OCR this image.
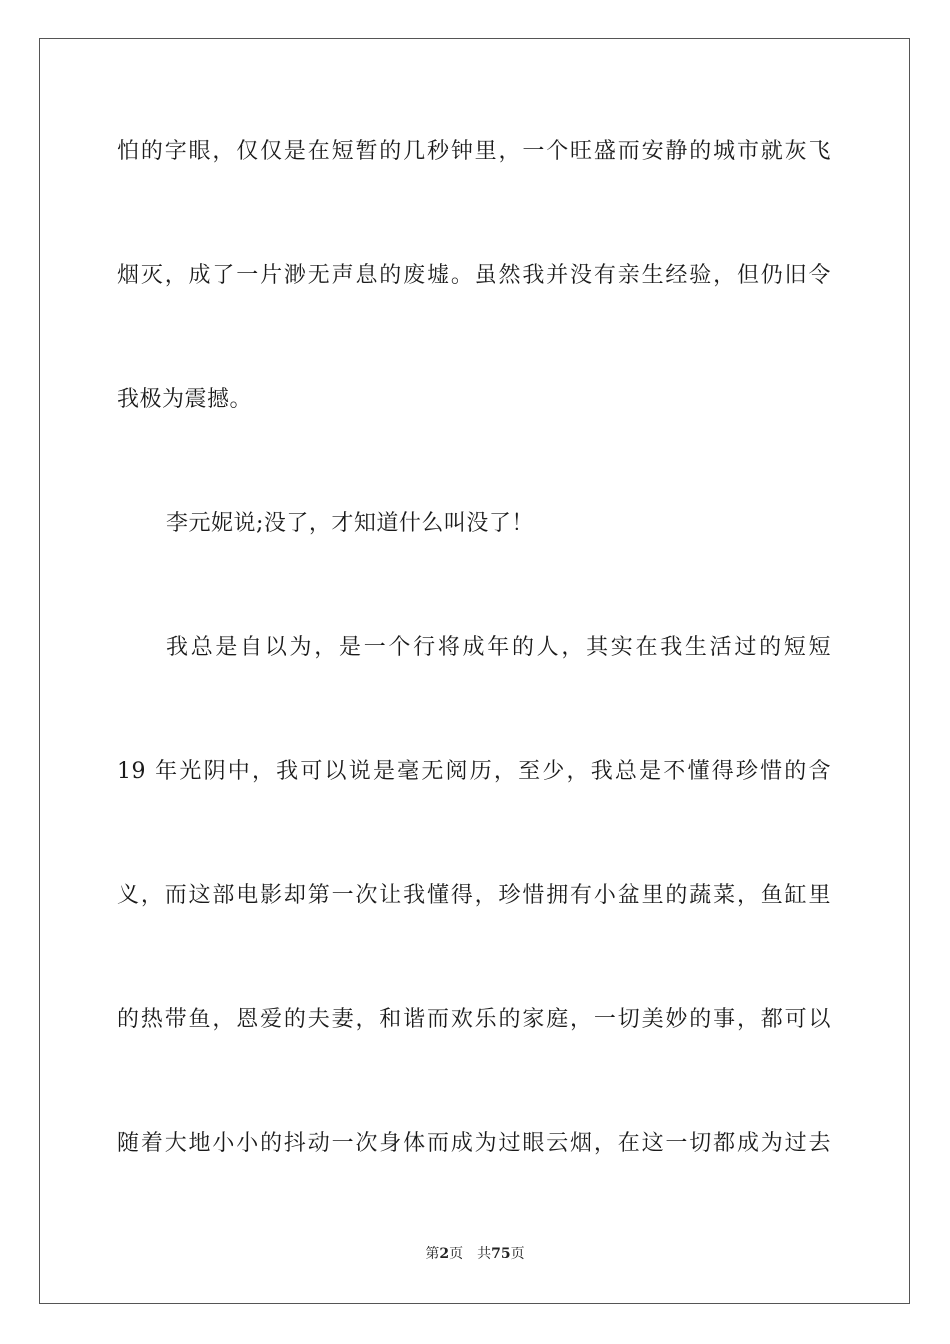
怕的字眼，仅仅是在短暂的几秒钟里，一个旺盛而安静的城市就灰飞
烟灭，成了一片渺无声息的废墟。虽然我并没有亲生经验，但仍旧令
我极为震撼。
李元妮说;没了，才知道什么叫没了！
我总是自以为，是一个行将成年的人，其实在我生活过的短短
19 年光阴中，我可以说是毫无阅历，至少，我总是不懂得珍惜的含
义，而这部电影却第一次让我懂得，珍惜拥有小盆里的蔬菜，鱼缸里
的热带鱼，恩爱的夫妻，和谐而欢乐的家庭，一切美妙的事，都可以
随着大地小小的抖动一次身体而成为过眼云烟，在这一切都成为过去
第2页 共75页
